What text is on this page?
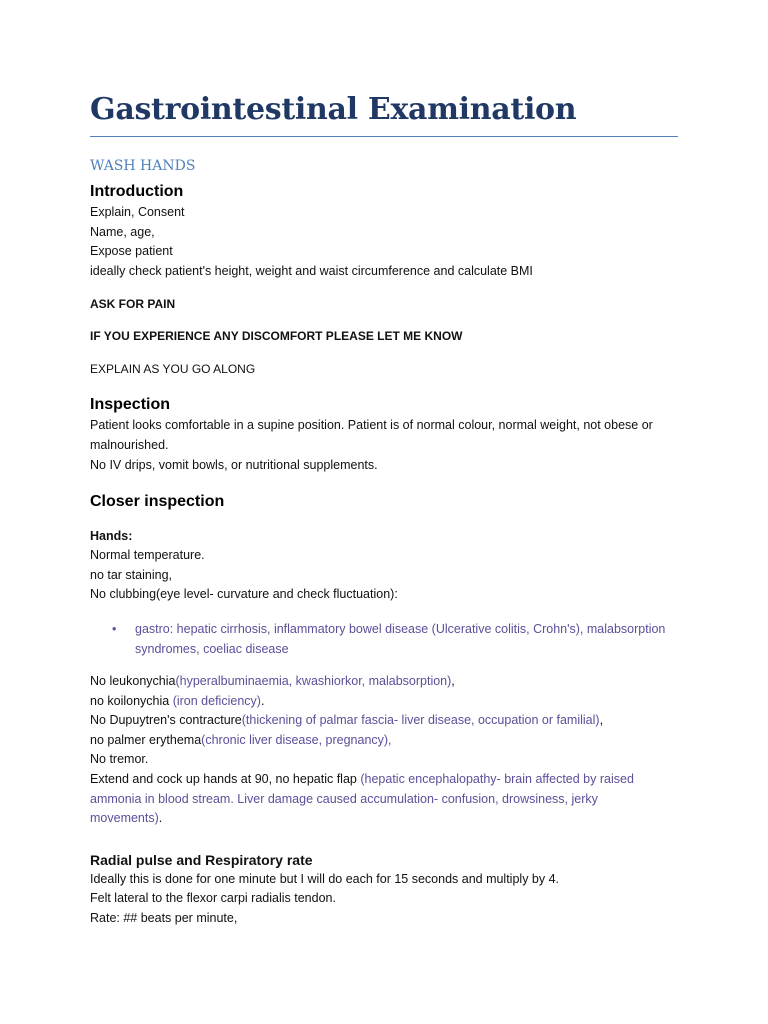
Gastrointestinal Examination
WASH HANDS
Introduction

Explain, Consent

Name, age,

Expose patient

ideally check patient's height, weight and waist circumference and calculate BMI

ASK FOR PAIN

IF YOU EXPERIENCE ANY DISCOMFORT PLEASE LET ME KNOW

EXPLAIN AS YOU GO ALONG

Inspection

Patient looks comfortable in a supine position. Patient is of normal colour, normal weight, not obese or

malnourished.

No IV drips, vomit bowls, or nutritional supplements.

Closer inspection

Hands:

Normal temperature.

no tar staining,

No clubbing(eye level- curvature and check fluctuation):

• gastro: hepatic cirrhosis, inflammatory bowel disease (Ulcerative colitis, Crohn's), malabsorption

syndromes, coeliac disease

No leukonychia(hyperalbuminaemia, kwashiorkor, malabsorption),

no koilonychia (iron deficiency).

No Dupuytren's contracture(thickening of palmar fascia- liver disease, occupation or familial),

no palmer erythema(chronic liver disease, pregnancy),

No tremor.

Extend and cock up hands at 90, no hepatic flap (hepatic encephalopathy- brain affected by raised

ammonia in blood stream. Liver damage caused accumulation- confusion, drowsiness, jerky

movements).

Radial pulse and Respiratory rate

Ideally this is done for one minute but I will do each for 15 seconds and multiply by 4.

Felt lateral to the flexor carpi radialis tendon.

Rate: ## beats per minute,
